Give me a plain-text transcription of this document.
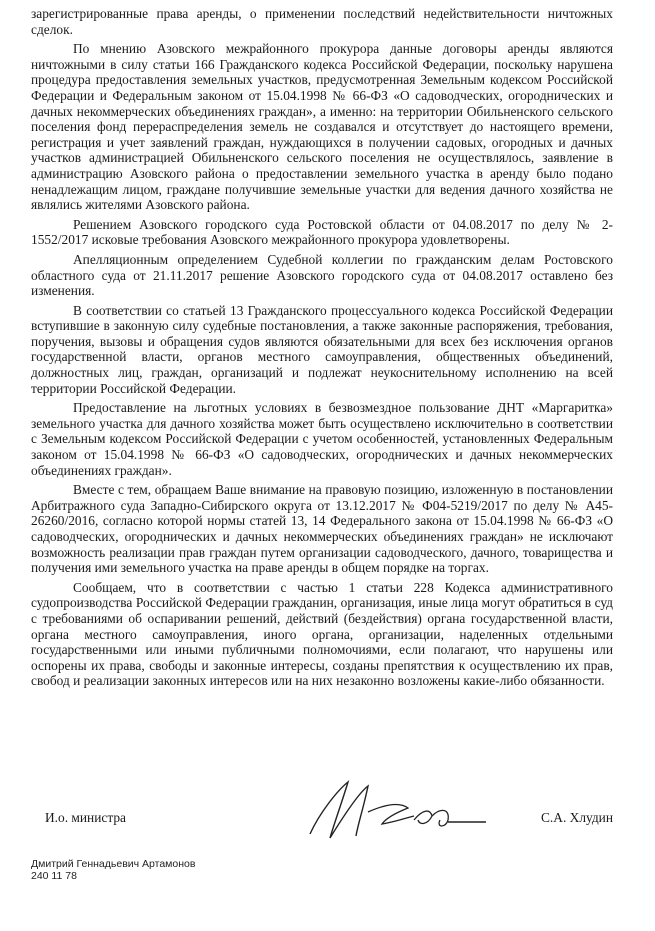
зарегистрированные права аренды, о применении последствий недействительности ничтожных сделок.

По мнению Азовского межрайонного прокурора данные договоры аренды являются ничтожными в силу статьи 166 Гражданского кодекса Российской Федерации, поскольку нарушена процедура предоставления земельных участков, предусмотренная Земельным кодексом Российской Федерации и Федеральным законом от 15.04.1998 № 66-ФЗ «О садоводческих, огороднических и дачных некоммерческих объединениях граждан», а именно: на территории Обильненского сельского поселения фонд перераспределения земель не создавался и отсутствует до настоящего времени, регистрация и учет заявлений граждан, нуждающихся в получении садовых, огородных и дачных участков администрацией Обильненского сельского поселения не осуществлялось, заявление в администрацию Азовского района о предоставлении земельного участка в аренду было подано ненадлежащим лицом, граждане получившие земельные участки для ведения дачного хозяйства не являлись жителями Азовского района.

Решением Азовского городского суда Ростовской области от 04.08.2017 по делу № 2-1552/2017 исковые требования Азовского межрайонного прокурора удовлетворены.

Апелляционным определением Судебной коллегии по гражданским делам Ростовского областного суда от 21.11.2017 решение Азовского городского суда от 04.08.2017 оставлено без изменения.

В соответствии со статьей 13 Гражданского процессуального кодекса Российской Федерации вступившие в законную силу судебные постановления, а также законные распоряжения, требования, поручения, вызовы и обращения судов являются обязательными для всех без исключения органов государственной власти, органов местного самоуправления, общественных объединений, должностных лиц, граждан, организаций и подлежат неукоснительному исполнению на всей территории Российской Федерации.

Предоставление на льготных условиях в безвозмездное пользование ДНТ «Маргаритка» земельного участка для дачного хозяйства может быть осуществлено исключительно в соответствии с Земельным кодексом Российской Федерации с учетом особенностей, установленных Федеральным законом от 15.04.1998 № 66-ФЗ «О садоводческих, огороднических и дачных некоммерческих объединениях граждан».

Вместе с тем, обращаем Ваше внимание на правовую позицию, изложенную в постановлении Арбитражного суда Западно-Сибирского округа от 13.12.2017 № Ф04-5219/2017 по делу № А45-26260/2016, согласно которой нормы статей 13, 14 Федерального закона от 15.04.1998 № 66-ФЗ «О садоводческих, огороднических и дачных некоммерческих объединениях граждан» не исключают возможность реализации прав граждан путем организации садоводческого, дачного, товарищества и получения ими земельного участка на праве аренды в общем порядке на торгах.

Сообщаем, что в соответствии с частью 1 статьи 228 Кодекса административного судопроизводства Российской Федерации гражданин, организация, иные лица могут обратиться в суд с требованиями об оспаривании решений, действий (бездействия) органа государственной власти, органа местного самоуправления, иного органа, организации, наделенных отдельными государственными или иными публичными полномочиями, если полагают, что нарушены или оспорены их права, свободы и законные интересы, созданы препятствия к осуществлению их прав, свобод и реализации законных интересов или на них незаконно возложены какие-либо обязанности.

И.о. министра	С.А. Хлудин
Дмитрий Геннадьевич Артамонов
240 11 78
